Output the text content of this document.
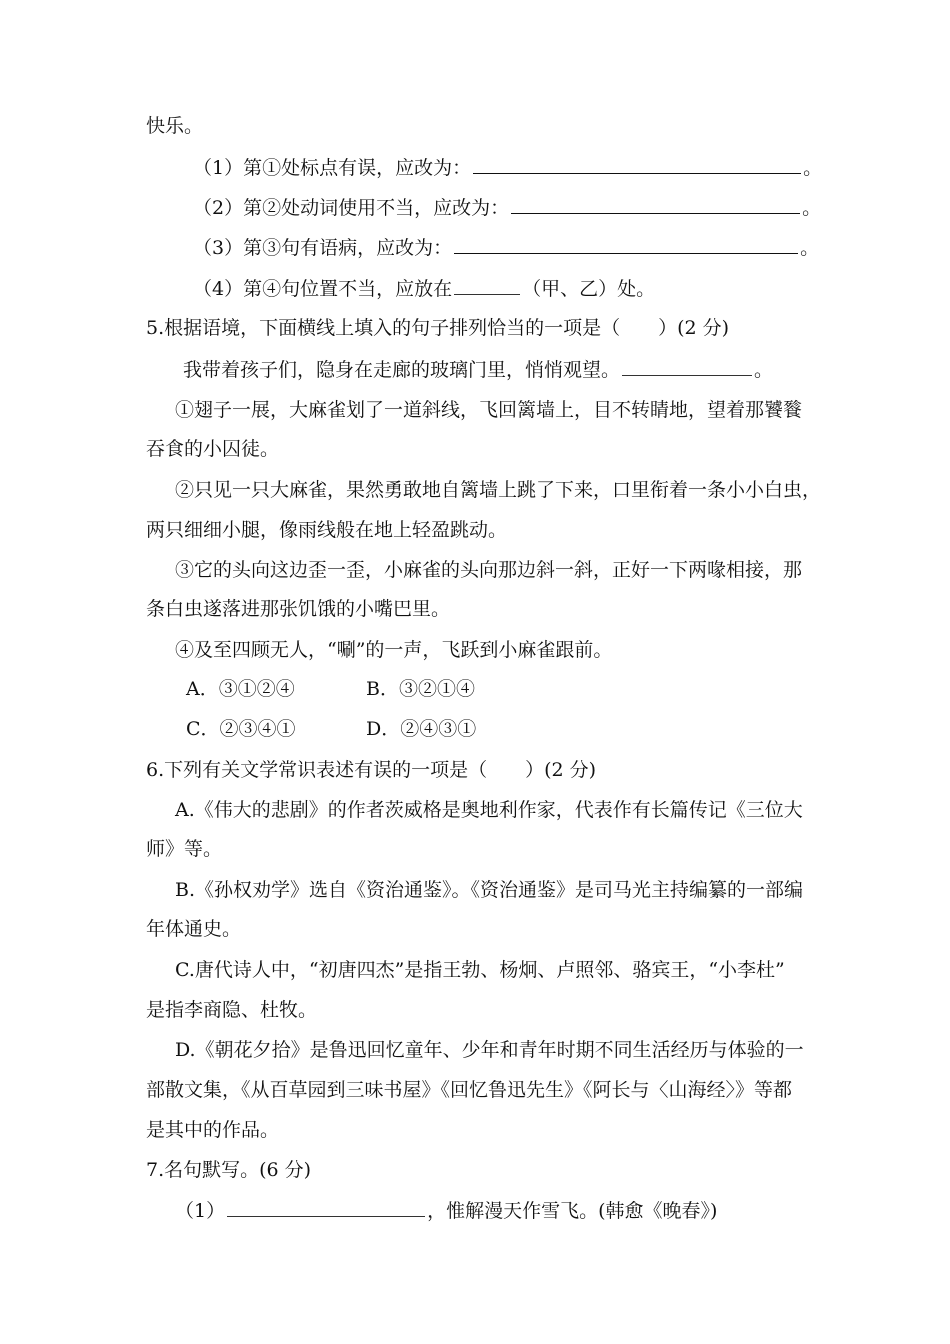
快乐。
（1）第①处标点有误，应改为：	。
（2）第②处动词使用不当，应改为：	。
（3）第③句有语病，应改为：	。
（4）第④句位置不当，应放在	（甲、乙）处。
5.根据语境，下面横线上填入的句子排列恰当的一项是（　　）(2 分)
我带着孩子们，隐身在走廊的玻璃门里，悄悄观望。	。
①翅子一展，大麻雀划了一道斜线，飞回篱墙上，目不转睛地，望着那饕餮
吞食的小囚徒。
②只见一只大麻雀，果然勇敢地自篱墙上跳了下来，口里衔着一条小小白虫，
两只细细小腿，像雨线般在地上轻盈跳动。
③它的头向这边歪一歪，小麻雀的头向那边斜一斜，正好一下两喙相接，那
条白虫遂落进那张饥饿的小嘴巴里。
④及至四顾无人，“唰”的一声，飞跃到小麻雀跟前。
A．③①②④	B．③②①④
C．②③④①	D．②④③①
6.下列有关文学常识表述有误的一项是（　　）(2 分)
A.《伟大的悲剧》的作者茨威格是奥地利作家，代表作有长篇传记《三位大
师》等。
B.《孙权劝学》选自《资治通鉴》。《资治通鉴》是司马光主持编纂的一部编
年体通史。
C.唐代诗人中，“初唐四杰”是指王勃、杨炯、卢照邻、骆宾王，“小李杜”
是指李商隐、杜牧。
D.《朝花夕拾》是鲁迅回忆童年、少年和青年时期不同生活经历与体验的一
部散文集，《从百草园到三味书屋》《回忆鲁迅先生》《阿长与〈山海经〉》等都
是其中的作品。
7.名句默写。(6 分)
（1）	，惟解漫天作雪飞。(韩愈《晚春》)
